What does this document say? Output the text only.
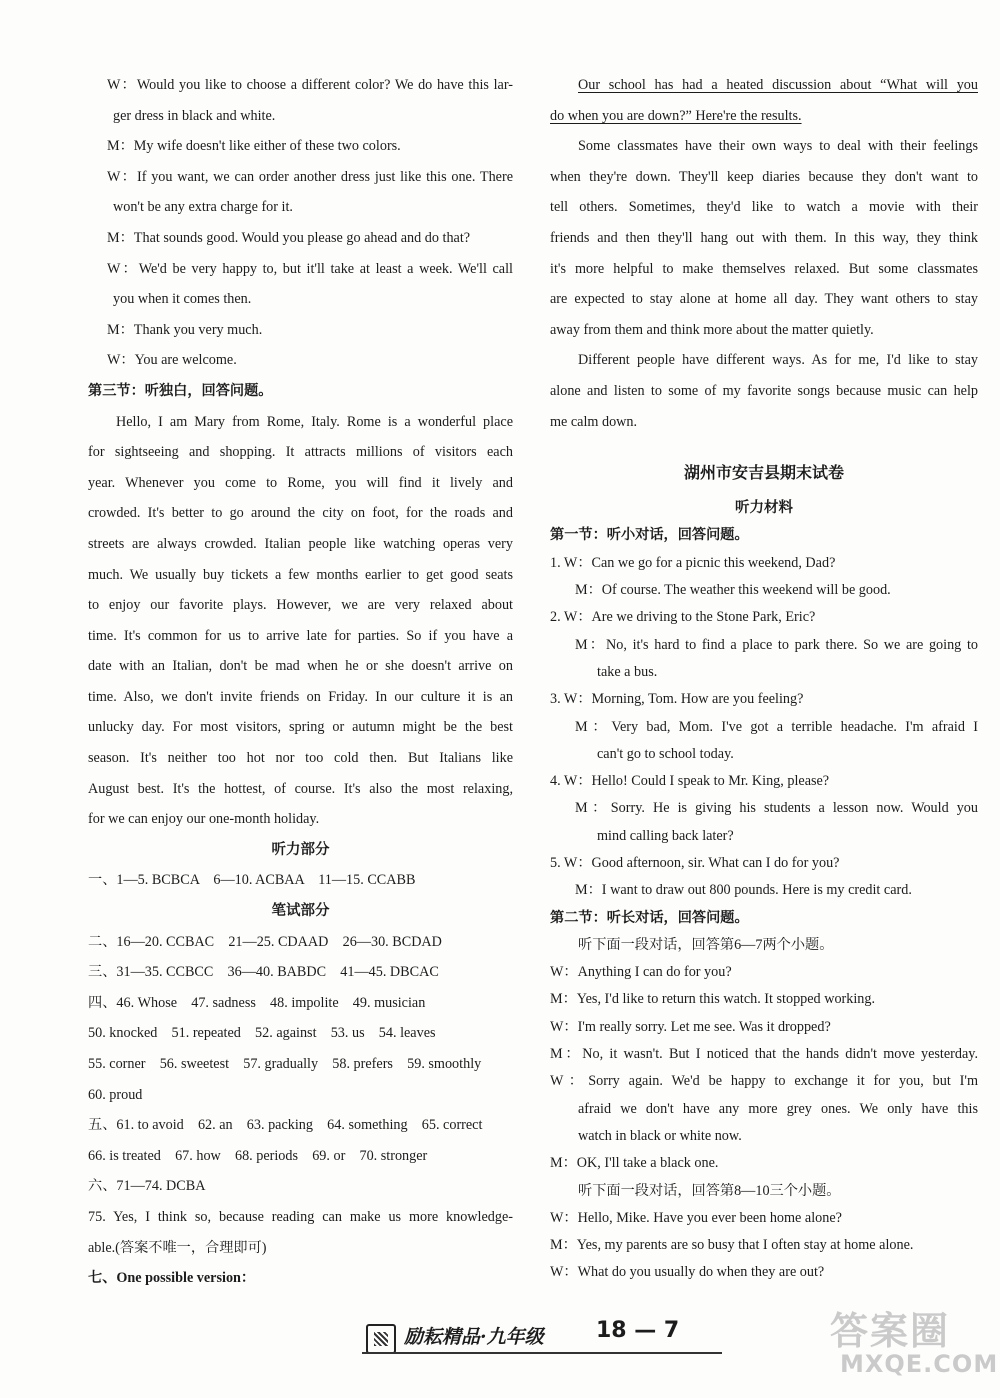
W：Would you like to choose a different color? We do have this lar-
ger dress in black and white.
M：My wife doesn't like either of these two colors.
W：If you want, we can order another dress just like this one. There
won't be any extra charge for it.
M：That sounds good. Would you please go ahead and do that?
W：We'd be very happy to, but it'll take at least a week. We'll call
you when it comes then.
M：Thank you very much.
W：You are welcome.
第三节：听独白，回答问题。
Hello, I am Mary from Rome, Italy. Rome is a wonderful place
for sightseeing and shopping. It attracts millions of visitors each
year. Whenever you come to Rome, you will find it lively and
crowded. It's better to go around the city on foot, for the roads and
streets are always crowded. Italian people like watching operas very
much. We usually buy tickets a few months earlier to get good seats
to enjoy our favorite plays. However, we are very relaxed about
time. It's common for us to arrive late for parties. So if you have a
date with an Italian, don't be mad when he or she doesn't arrive on
time. Also, we don't invite friends on Friday. In our culture it is an
unlucky day. For most visitors, spring or autumn might be the best
season. It's neither too hot nor too cold then. But Italians like
August best. It's the hottest, of course. It's also the most relaxing,
for we can enjoy our one-month holiday.
听力部分
一、1—5. BCBCA　6—10. ACBAA　11—15. CCABB
笔试部分
二、16—20. CCBAC　21—25. CDAAD　26—30. BCDAD
三、31—35. CCBCC　36—40. BABDC　41—45. DBCAC
四、46. Whose　47. sadness　48. impolite　49. musician
50. knocked　51. repeated　52. against　53. us　54. leaves
55. corner　56. sweetest　57. gradually　58. prefers　59. smoothly
60. proud
五、61. to avoid　62. an　63. packing　64. something　65. correct
66. is treated　67. how　68. periods　69. or　70. stronger
六、71—74. DCBA
75. Yes, I think so, because reading can make us more knowledge-
able.(答案不唯一，合理即可)
七、One possible version：
Our school has had a heated discussion about “What will you
do when you are down?” Here're the results.
Some classmates have their own ways to deal with their feelings
when they're down. They'll keep diaries because they don't want to
tell others. Sometimes, they'd like to watch a movie with their
friends and then they'll hang out with them. In this way, they think
it's more helpful to make themselves relaxed. But some classmates
are expected to stay alone at home all day. They want others to stay
away from them and think more about the matter quietly.
Different people have different ways. As for me, I'd like to stay
alone and listen to some of my favorite songs because music can help
me calm down.
湖州市安吉县期末试卷
听力材料
第一节：听小对话，回答问题。
1. W：Can we go for a picnic this weekend, Dad?
M：Of course. The weather this weekend will be good.
2. W：Are we driving to the Stone Park, Eric?
M：No, it's hard to find a place to park there. So we are going to
take a bus.
3. W：Morning, Tom. How are you feeling?
M：Very bad, Mom. I've got a terrible headache. I'm afraid I
can't go to school today.
4. W：Hello! Could I speak to Mr. King, please?
M：Sorry. He is giving his students a lesson now. Would you
mind calling back later?
5. W：Good afternoon, sir. What can I do for you?
M：I want to draw out 800 pounds. Here is my credit card.
第二节：听长对话，回答问题。
听下面一段对话，回答第6—7两个小题。
W：Anything I can do for you?
M：Yes, I'd like to return this watch. It stopped working.
W：I'm really sorry. Let me see. Was it dropped?
M：No, it wasn't. But I noticed that the hands didn't move yesterday.
W：Sorry again. We'd be happy to exchange it for you, but I'm
afraid we don't have any more grey ones. We only have this
watch in black or white now.
M：OK, I'll take a black one.
听下面一段对话，回答第8—10三个小题。
W：Hello, Mike. Have you ever been home alone?
M：Yes, my parents are so busy that I often stay at home alone.
W：What do you usually do when they are out?
励耘精品·九年级 18 — 7	答案圈
MXQE.COM
